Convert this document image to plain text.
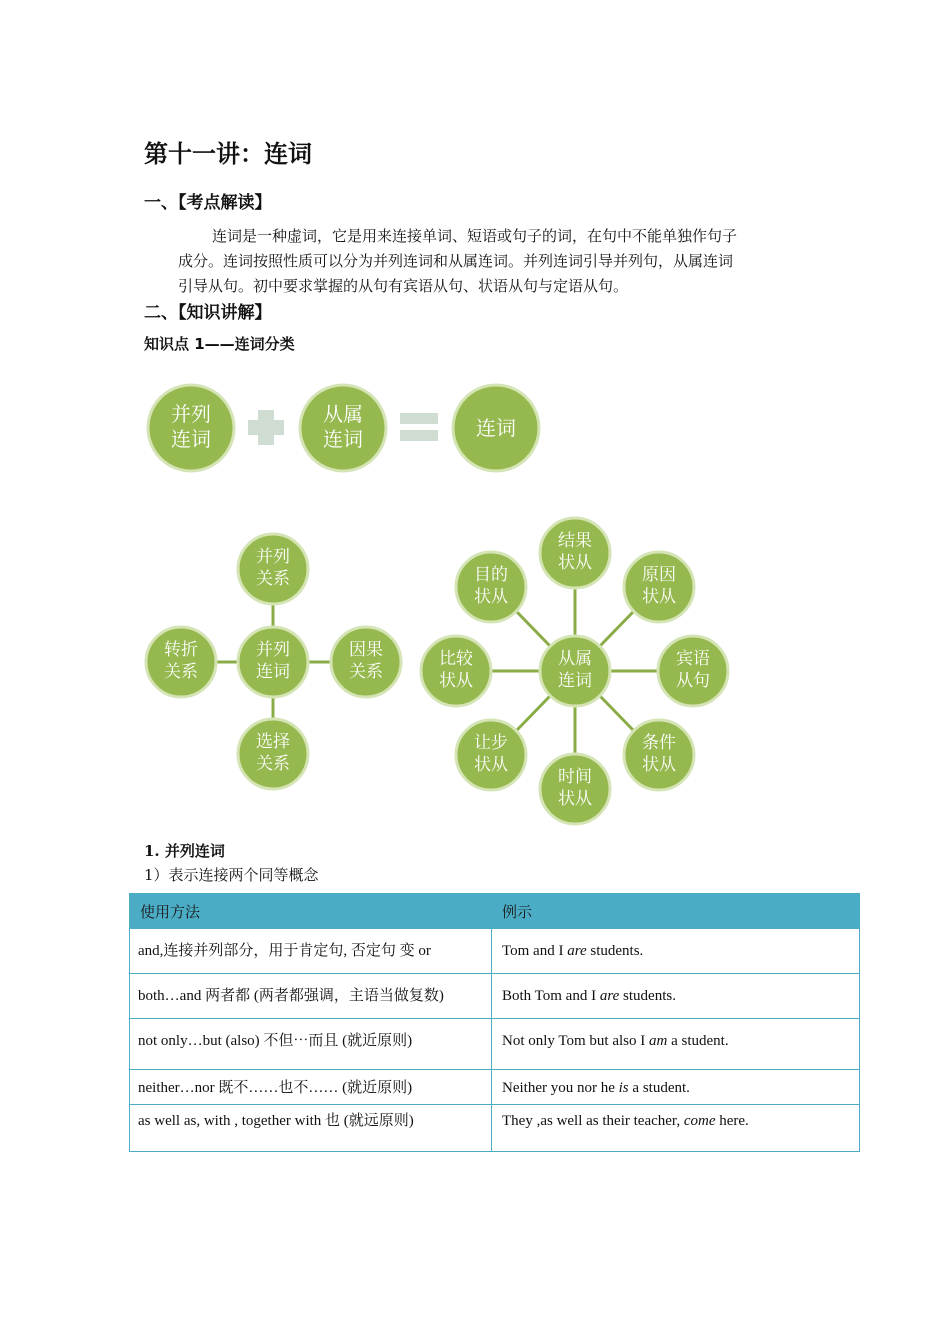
第十一讲：连词
一、【考点解读】
连词是一种虚词，它是用来连接单词、短语或句子的词，在句中不能单独作句子
成分。连词按照性质可以分为并列连词和从属连词。并列连词引导并列句，从属连词
引导从句。初中要求掌握的从句有宾语从句、状语从句与定语从句。
二、【知识讲解】
知识点 1——连词分类
并列
连词
从属
连词	连词
并列
连词
并列
关系
转折
关系
因果
关系
选择
关系
从属
连词
结果
状从
目的
状从
原因
状从
比较
状从
宾语
从句
让步
状从
条件
状从
时间
状从
1. 并列连词
1）表示连接两个同等概念
使用方法	例示
and,连接并列部分，用于肯定句, 否定句 变 or	Tom and I are students.
both…and 两者都 (两者都强调，主语当做复数)	Both Tom and I are students.
not only…but (also) 不但⋯而且 (就近原则)	Not only Tom but also I am a student.
neither…nor 既不……也不…… (就近原则)	Neither you nor he is a student.
as well as, with , together with 也 (就远原则)	They ,as well as their teacher, come here.
